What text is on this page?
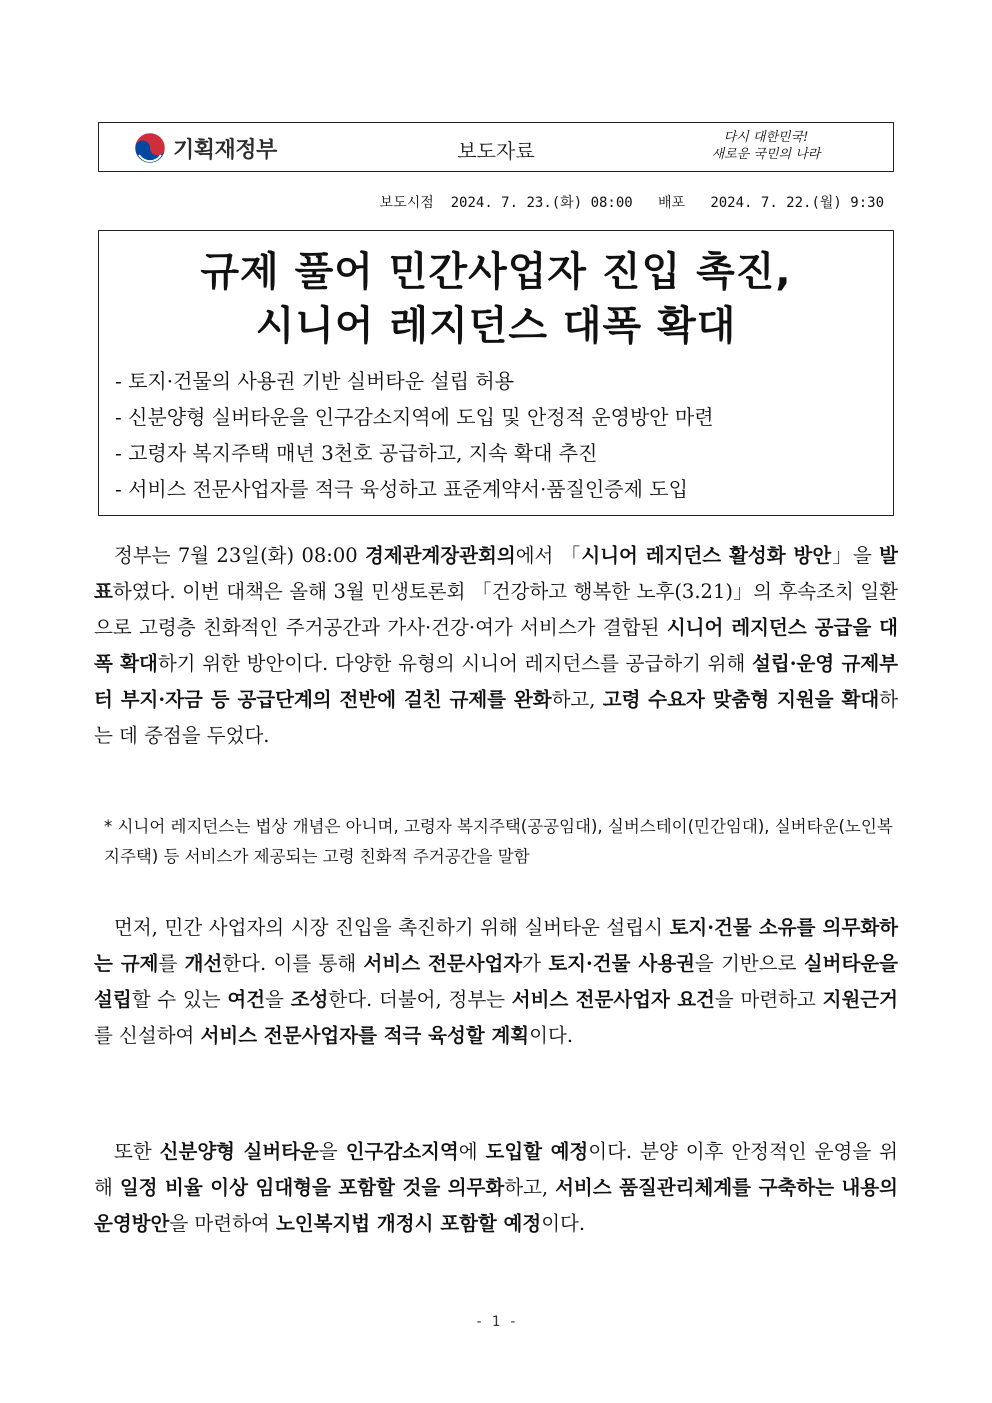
기획재정부	보도자료
다시 대한민국!
새로운 국민의 나라
보도시점  2024. 7. 23.(화) 08:00   배포   2024. 7. 22.(월) 9:30
규제 풀어 민간사업자 진입 촉진,
시니어 레지던스 대폭 확대
- 토지·건물의 사용권 기반 실버타운 설립 허용
- 신분양형 실버타운을 인구감소지역에 도입 및 안정적 운영방안 마련
- 고령자 복지주택 매년 3천호 공급하고, 지속 확대 추진
- 서비스 전문사업자를 적극 육성하고 표준계약서·품질인증제 도입
정부는 7월 23일(화) 08:00 경제관계장관회의에서 「시니어 레지던스 활성화 방안」을 발표하였다. 이번 대책은 올해 3월 민생토론회 「건강하고 행복한 노후(3.21)」의 후속조치 일환으로 고령층 친화적인 주거공간과 가사·건강·여가 서비스가 결합된 시니어 레지던스 공급을 대폭 확대하기 위한 방안이다. 다양한 유형의 시니어 레지던스를 공급하기 위해 설립·운영 규제부터 부지·자금 등 공급단계의 전반에 걸친 규제를 완화하고, 고령 수요자 맞춤형 지원을 확대하는 데 중점을 두었다.
* 시니어 레지던스는 법상 개념은 아니며, 고령자 복지주택(공공임대), 실버스테이(민간임대), 실버타운(노인복지주택) 등 서비스가 제공되는 고령 친화적 주거공간을 말함
먼저, 민간 사업자의 시장 진입을 촉진하기 위해 실버타운 설립시 토지·건물 소유를 의무화하는 규제를 개선한다. 이를 통해 서비스 전문사업자가 토지·건물 사용권을 기반으로 실버타운을 설립할 수 있는 여건을 조성한다. 더불어, 정부는 서비스 전문사업자 요건을 마련하고 지원근거를 신설하여 서비스 전문사업자를 적극 육성할 계획이다.
또한 신분양형 실버타운을 인구감소지역에 도입할 예정이다. 분양 이후 안정적인 운영을 위해 일정 비율 이상 임대형을 포함할 것을 의무화하고, 서비스 품질관리체계를 구축하는 내용의 운영방안을 마련하여 노인복지법 개정시 포함할 예정이다.
- 1 -
